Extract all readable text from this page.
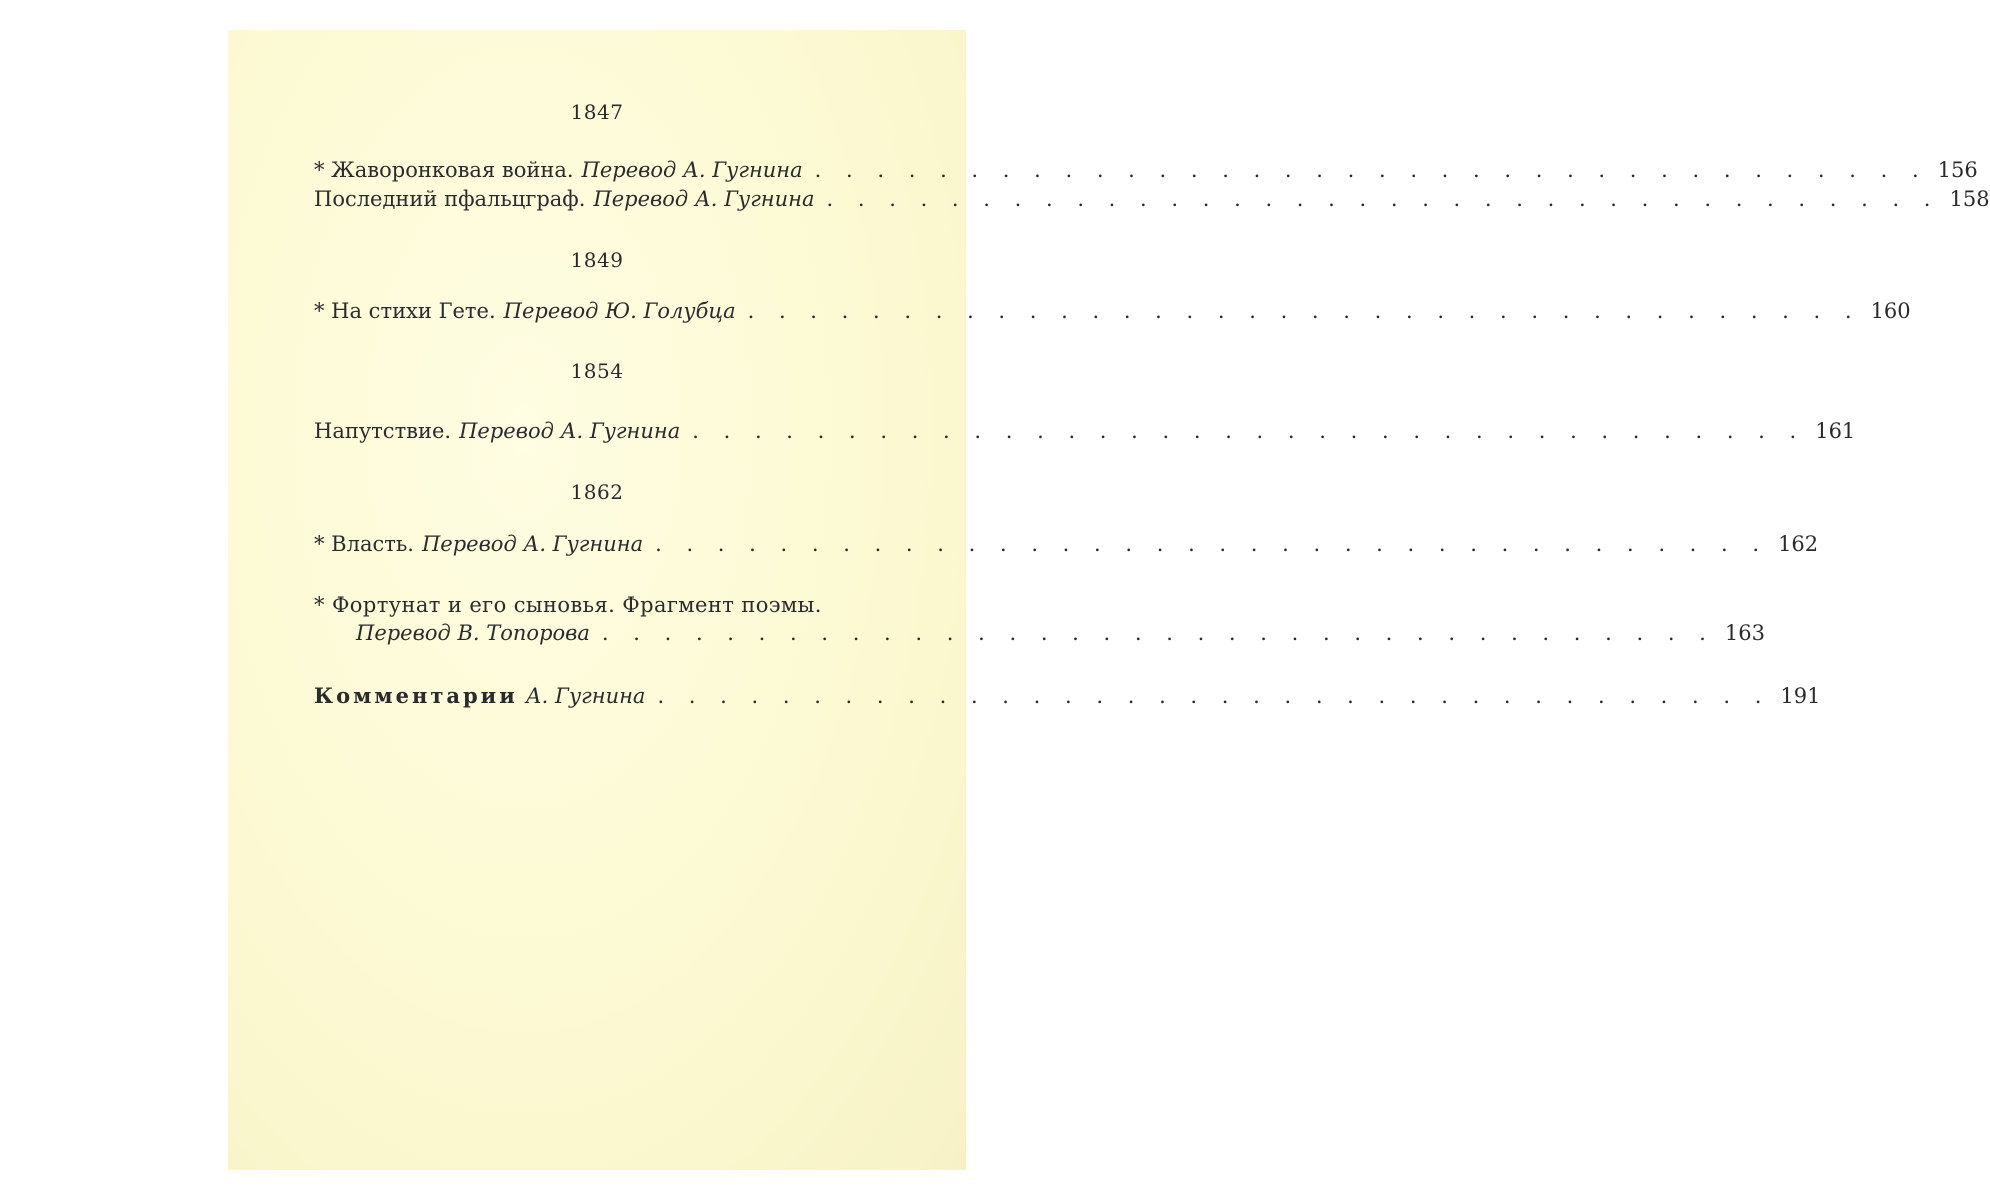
1847
* Жаворонковая война. Перевод А. Гугнина . . . . . . . . . . . . . . . . . . . . . . . . . . . . . . . . . . . . 156
Последний пфальцграф. Перевод А. Гугнина . . . . . . . . . . . . . . . . . . . . . . . . . . . . . . . . . . . . 158
1849
* На стихи Гете. Перевод Ю. Голубца . . . . . . . . . . . . . . . . . . . . . . . . . . . . . . . . . . . . 160
1854
Напутствие. Перевод А. Гугнина . . . . . . . . . . . . . . . . . . . . . . . . . . . . . . . . . . . . 161
1862
* Власть. Перевод А. Гугнина . . . . . . . . . . . . . . . . . . . . . . . . . . . . . . . . . . . . 162
* Фортунат и его сыновья. Фрагмент поэмы.
Перевод В. Топорова . . . . . . . . . . . . . . . . . . . . . . . . . . . . . . . . . . . . 163
Комментарии А. Гугнина . . . . . . . . . . . . . . . . . . . . . . . . . . . . . . . . . . . . 191
